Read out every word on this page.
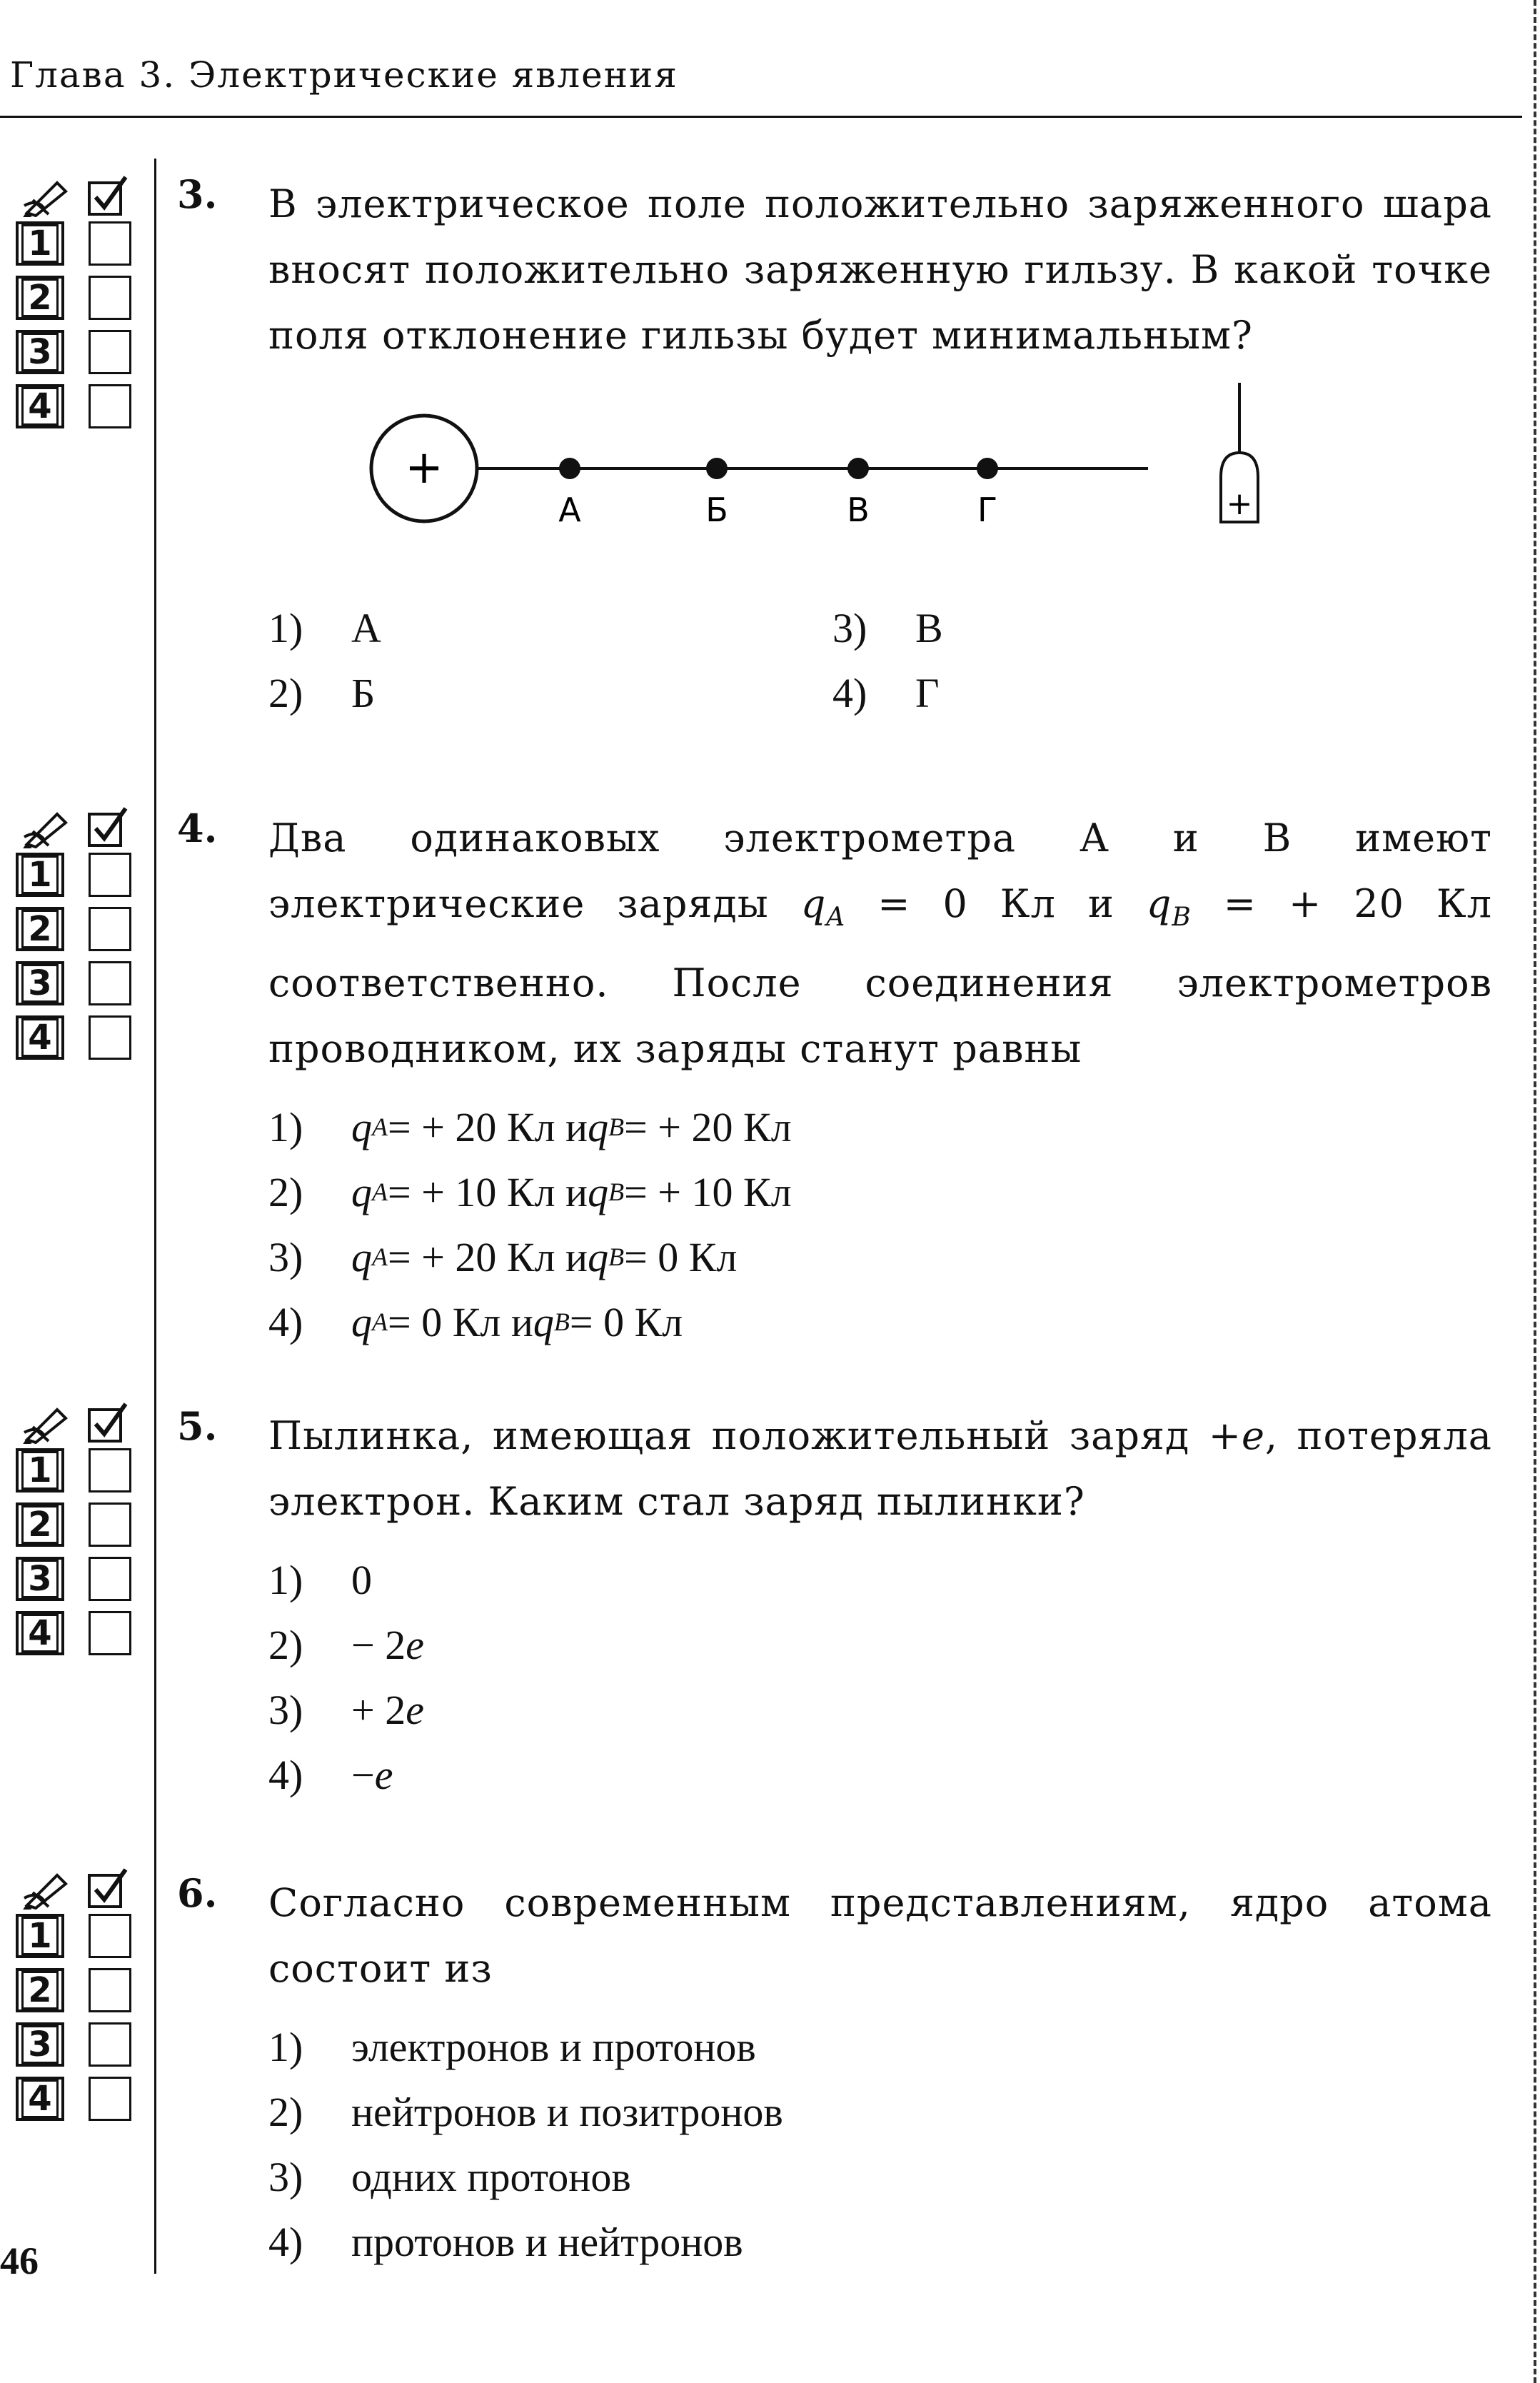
Глава 3. Электрические явления
1
2
3
4
1
2
3
4
1
2
3
4
1
2
3
4
3. В электрическое поле положительно заряженного шара вносят положительно заряженную гильзу. В какой точке поля отклонение гильзы будет минимальным?
+
А	Б	В	Г	+
1)	А	3)	В
2)	Б	4)	Г
4. Два одинаковых электрометра А и В имеют электрические заряды $q_A = 0$ Кл и $q_B$ = + 20 Кл соответственно. После соединения электрометров проводником, их заряды станут равны
1)	q A = + 20 Кл и q B = + 20 Кл
2)	q A = + 10 Кл и q B = + 10 Кл
3)	q A = + 20 Кл и q B = 0 Кл
4)	q A = 0 Кл и q B = 0 Кл
5. Пылинка, имеющая положительный заряд +e, потеряла электрон. Каким стал заряд пылинки?
1)	0
2)	− 2 e
3)	+ 2 e
4)	− e
6. Согласно современным представлениям, ядро атома состоит из
1)	электронов и протонов
2)	нейтронов и позитронов
3)	одних протонов
4)	протонов и нейтронов
46
